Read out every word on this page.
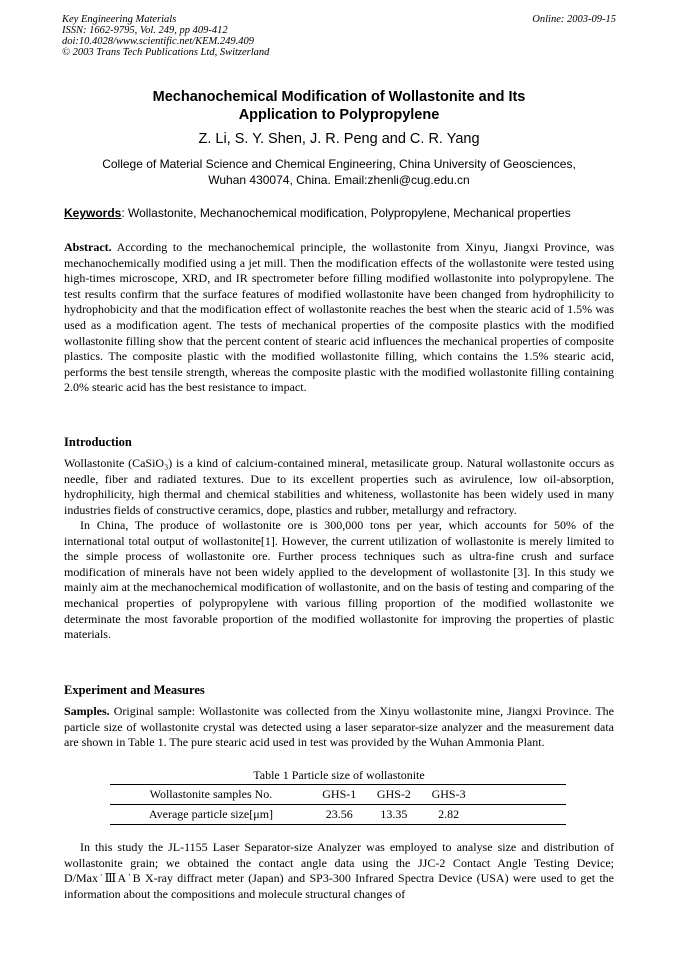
Key Engineering Materials
ISSN: 1662-9795, Vol. 249, pp 409-412
doi:10.4028/www.scientific.net/KEM.249.409
© 2003 Trans Tech Publications Ltd, Switzerland
Online: 2003-09-15
Mechanochemical Modification of Wollastonite and Its
Application to Polypropylene
Z. Li, S. Y. Shen, J. R. Peng and C. R. Yang
College of Material Science and Chemical Engineering, China University of Geosciences,
Wuhan 430074, China. Email:zhenli@cug.edu.cn
Keywords: Wollastonite, Mechanochemical modification, Polypropylene, Mechanical properties
Abstract. According to the mechanochemical principle, the wollastonite from Xinyu, Jiangxi Province, was mechanochemically modified using a jet mill. Then the modification effects of the wollastonite were tested using high-times microscope, XRD, and IR spectrometer before filling modified wollastonite into polypropylene. The test results confirm that the surface features of modified wollastonite have been changed from hydrophilicity to hydrophobicity and that the modification effect of wollastonite reaches the best when the stearic acid of 1.5% was used as a modification agent. The tests of mechanical properties of the composite plastics with the modified wollastonite filling show that the percent content of stearic acid influences the mechanical properties of composite plastics. The composite plastic with the modified wollastonite filling, which contains the 1.5% stearic acid, performs the best tensile strength, whereas the composite plastic with the modified wollastonite filling containing 2.0% stearic acid has the best resistance to impact.
Introduction
Wollastonite (CaSiO₃) is a kind of calcium-contained mineral, metasilicate group. Natural wollastonite occurs as needle, fiber and radiated textures. Due to its excellent properties such as avirulence, low oil-absorption, hydrophilicity, high thermal and chemical stabilities and whiteness, wollastonite has been widely used in many industries fields of constructive ceramics, dope, plastics and rubber, metallurgy and refractory.
In China, The produce of wollastonite ore is 300,000 tons per year, which accounts for 50% of the international total output of wollastonite[1]. However, the current utilization of wollastonite is merely limited to the simple process of wollastonite ore. Further process techniques such as ultra-fine crush and surface modification of minerals have not been widely applied to the development of wollastonite [3]. In this study we mainly aim at the mechanochemical modification of wollastonite, and on the basis of testing and comparing of the mechanical properties of polypropylene with various filling proportion of the modified wollastonite we determinate the most favorable proportion of the modified wollastonite for improving the properties of plastic materials.
Experiment and Measures
Samples. Original sample: Wollastonite was collected from the Xinyu wollastonite mine, Jiangxi Province. The particle size of wollastonite crystal was detected using a laser separator-size analyzer and the measurement data are shown in Table 1. The pure stearic acid used in test was provided by the Wuhan Ammonia Plant.
Table 1 Particle size of wollastonite
Wollastonite samples No.	GHS-1	GHS-2	GHS-3	
Average particle size[μm]	23.56	13.35	2.82	
In this study the JL-1155 Laser Separator-size Analyzer was employed to analyse size and distribution of wollastonite grain; we obtained the contact angle data using the JJC-2 Contact Angle Testing Device; D/Max˙ⅢA˙B X-ray diffract meter (Japan) and SP3-300 Infrared Spectra Device (USA) were used to get the information about the compositions and molecule structural changes of
